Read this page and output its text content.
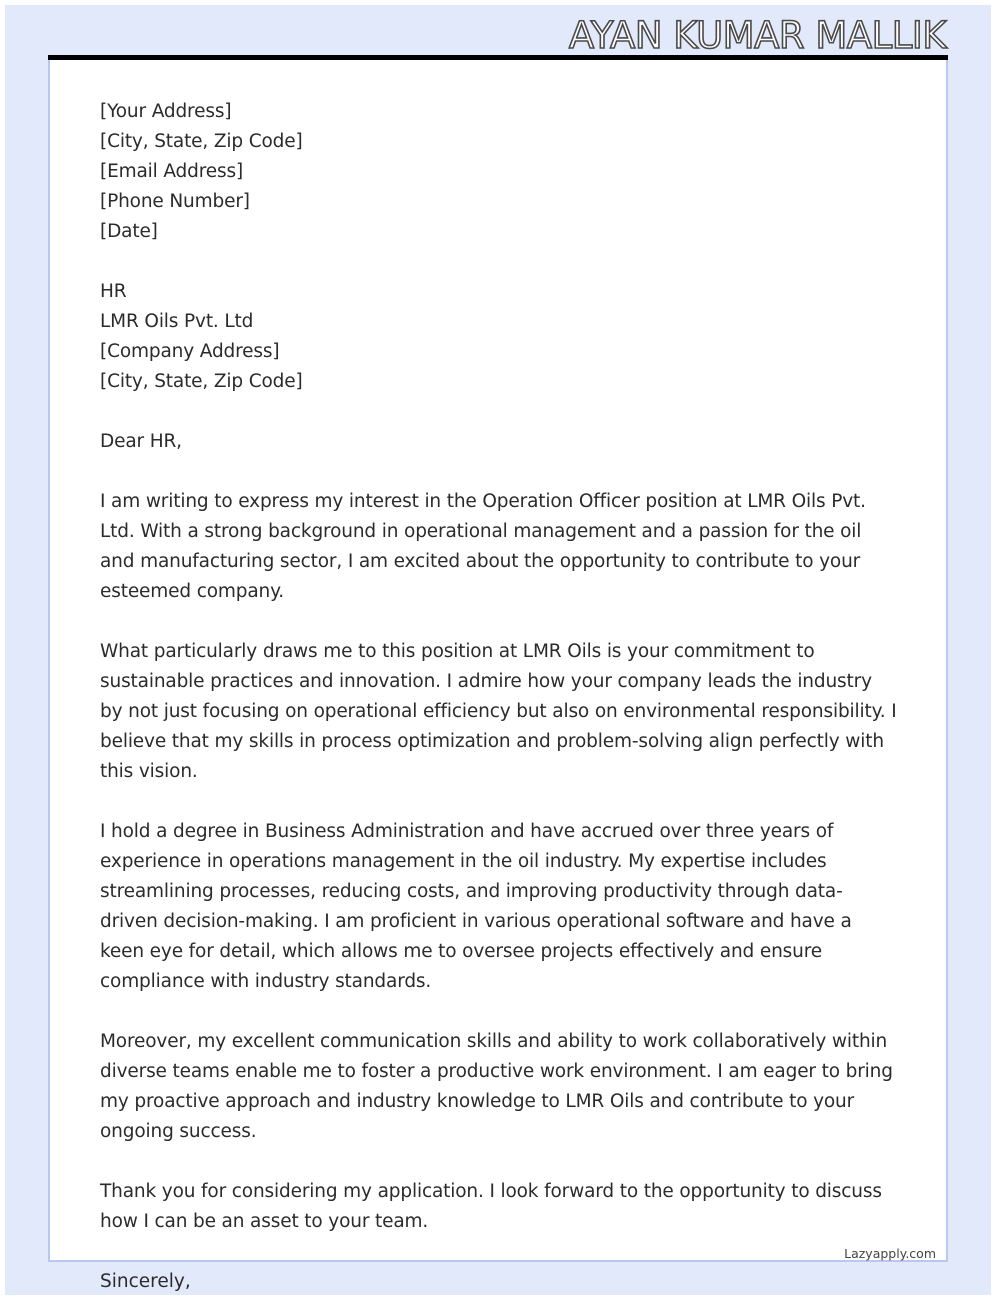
AYAN KUMAR MALLIK

[Your Address]

[City, State, Zip Code]

[Email Address]

[Phone Number]

[Date]

HR

LMR Oils Pvt. Ltd

[Company Address]

[City, State, Zip Code]

Dear HR,

I am writing to express my interest in the Operation Officer position at LMR Oils Pvt. Ltd. With a strong background in operational management and a passion for the oil and manufacturing sector, I am excited about the opportunity to contribute to your esteemed company.

What particularly draws me to this position at LMR Oils is your commitment to sustainable practices and innovation. I admire how your company leads the industry by not just focusing on operational efficiency but also on environmental responsibility. I believe that my skills in process optimization and problem-solving align perfectly with this vision.

I hold a degree in Business Administration and have accrued over three years of experience in operations management in the oil industry. My expertise includes streamlining processes, reducing costs, and improving productivity through data-driven decision-making. I am proficient in various operational software and have a keen eye for detail, which allows me to oversee projects effectively and ensure compliance with industry standards.

Moreover, my excellent communication skills and ability to work collaboratively within diverse teams enable me to foster a productive work environment. I am eager to bring my proactive approach and industry knowledge to LMR Oils and contribute to your ongoing success.

Thank you for considering my application. I look forward to the opportunity to discuss how I can be an asset to your team.

Lazyapply.com
Sincerely,
